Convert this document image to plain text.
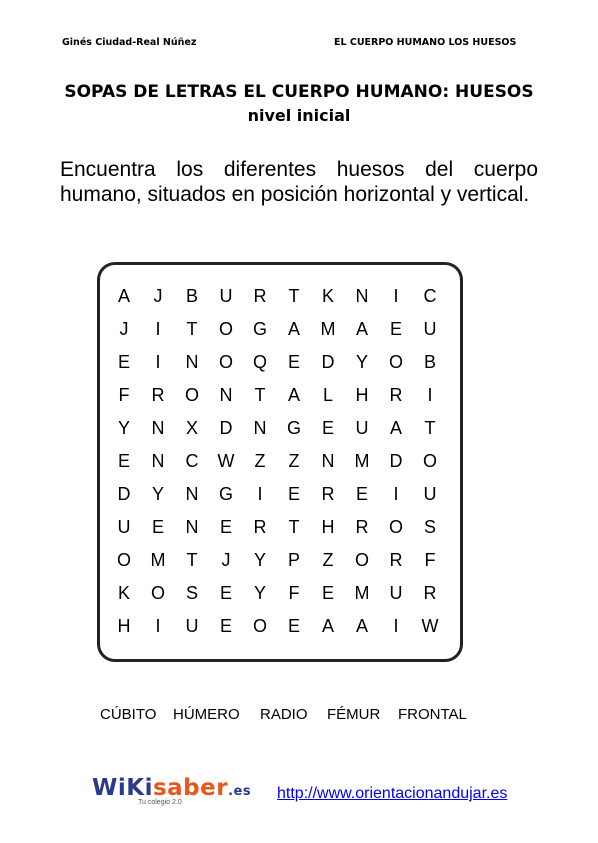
Ginés Ciudad-Real Núñez	EL CUERPO HUMANO LOS HUESOS
SOPAS DE LETRAS EL CUERPO HUMANO: HUESOS
nivel inicial
Encuentra los diferentes huesos del cuerpo humano, situados en posición horizontal y vertical.
A	J	B	U	R	T	K	N	I	C
J	I	T	O	G	A	M	A	E	U
E	I	N	O	Q	E	D	Y	O	B
F	R	O	N	T	A	L	H	R	I
Y	N	X	D	N	G	E	U	A	T
E	N	C	W	Z	Z	N	M	D	O
D	Y	N	G	I	E	R	E	I	U
U	E	N	E	R	T	H	R	O	S
O	M	T	J	Y	P	Z	O	R	F
K	O	S	E	Y	F	E	M	U	R
H	I	U	E	O	E	A	A	I	W
CÚBITO HÚMERO RADIO FÉMUR FRONTAL
WiKisaber.es
Tu colegio 2.0
http://www.orientacionandujar.es
